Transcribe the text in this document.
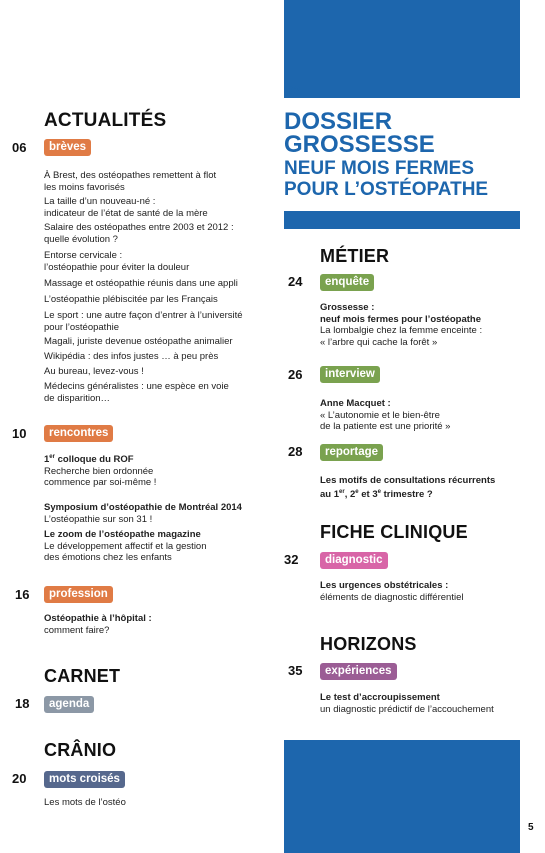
ACTUALITÉS
06	brèves
À Brest, des ostéopathes remettent à flot
les moins favorisés
La taille d’un nouveau-né :
indicateur de l’état de santé de la mère
Salaire des ostéopathes entre 2003 et 2012 :
quelle évolution ?
Entorse cervicale :
l’ostéopathie pour éviter la douleur
Massage et ostéopathie réunis dans une appli
L’ostéopathie plébiscitée par les Français
Le sport : une autre façon d’entrer à l’université
pour l’ostéopathie
Magali, juriste devenue ostéopathe animalier
Wikipédia : des infos justes … à peu près
Au bureau, levez-vous !
Médecins généralistes : une espèce en voie
de disparition…
10	rencontres
1er colloque du ROF
Recherche bien ordonnée
commence par soi-même !
Symposium d’ostéopathie de Montréal 2014
L’ostéopathie sur son 31 !
Le zoom de l’ostéopathe magazine
Le développement affectif et la gestion
des émotions chez les enfants
16	profession
Ostéopathie à l’hôpital :
comment faire?
CARNET
18	agenda
CRÂNIO
20	mots croisés
Les mots de l’ostéo
23
DOSSIER
GROSSESSE
NEUF MOIS FERMES
POUR L’OSTÉOPATHE
MÉTIER
24	enquête
Grossesse :
neuf mois fermes pour l’ostéopathe
La lombalgie chez la femme enceinte :
« l’arbre qui cache la forêt »
26	interview
Anne Macquet :
« L’autonomie et le bien-être
de la patiente est une priorité »
28	reportage
Les motifs de consultations récurrents
au 1er, 2e et 3e trimestre ?
FICHE CLINIQUE
32	diagnostic
Les urgences obstétricales :
éléments de diagnostic différentiel
HORIZONS
35	expériences
Le test d’accroupissement
un diagnostic prédictif de l’accouchement
5
